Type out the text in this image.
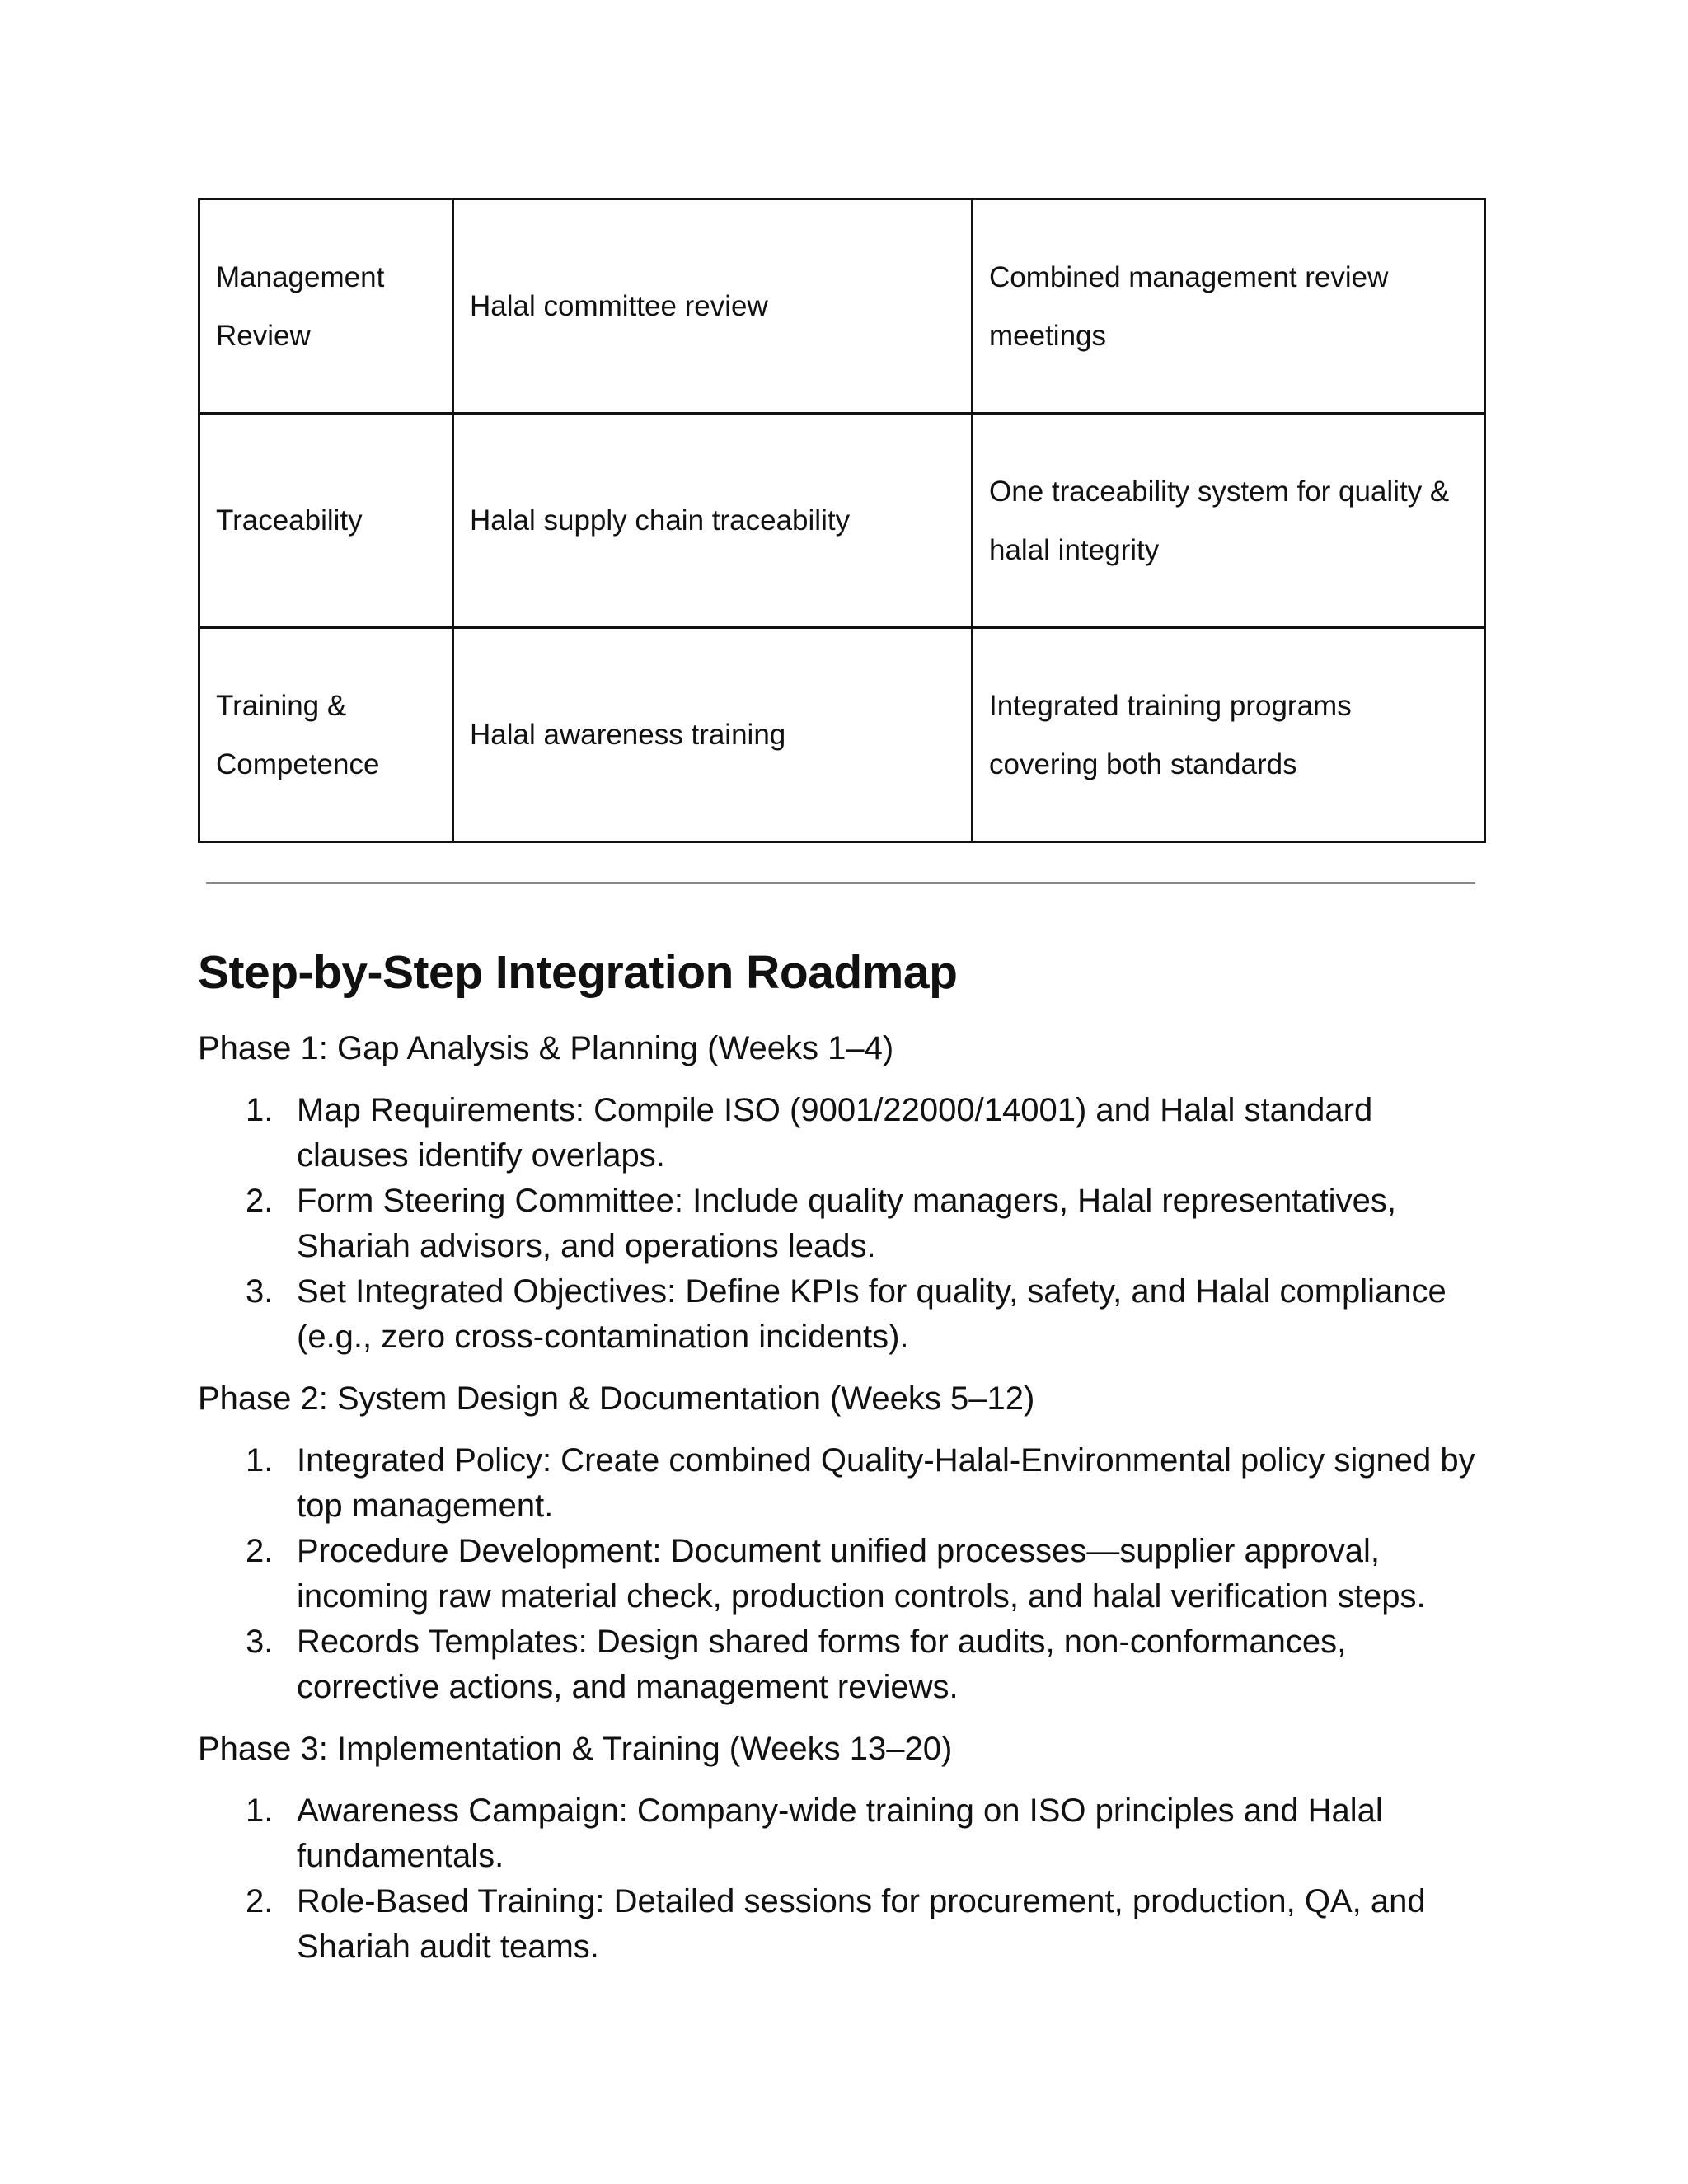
Management Review	Halal committee review	Combined management review meetings
Traceability	Halal supply chain traceability	One traceability system for quality & halal integrity
Training & Competence	Halal awareness training	Integrated training programs covering both standards
Step-by-Step Integration Roadmap

Phase 1: Gap Analysis & Planning (Weeks 1–4)

1. Map Requirements: Compile ISO (9001/22000/14001) and Halal standard clauses identify overlaps.
2. Form Steering Committee: Include quality managers, Halal representatives, Shariah advisors, and operations leads.
3. Set Integrated Objectives: Define KPIs for quality, safety, and Halal compliance (e.g., zero cross-contamination incidents).

Phase 2: System Design & Documentation (Weeks 5–12)

1. Integrated Policy: Create combined Quality-Halal-Environmental policy signed by top management.
2. Procedure Development: Document unified processes—supplier approval, incoming raw material check, production controls, and halal verification steps.
3. Records Templates: Design shared forms for audits, non-conformances, corrective actions, and management reviews.

Phase 3: Implementation & Training (Weeks 13–20)

1. Awareness Campaign: Company-wide training on ISO principles and Halal fundamentals.
2. Role-Based Training: Detailed sessions for procurement, production, QA, and Shariah audit teams.
